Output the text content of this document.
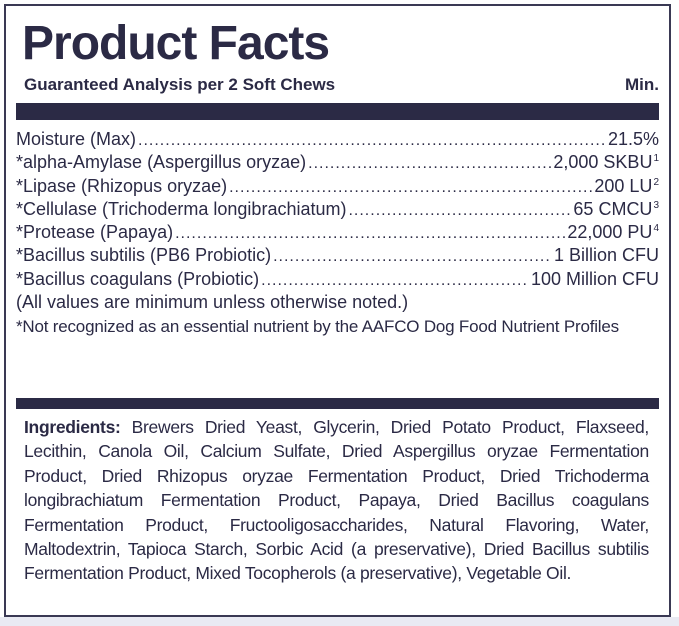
Product Facts
Guaranteed Analysis per 2 Soft Chews	Min.
Moisture (Max) .....	21.5%
*alpha-Amylase (Aspergillus oryzae) .....	2,000 SKBU$^1$
*Lipase (Rhizopus oryzae) .....	200 $LU^2$
*Cellulase (Trichoderma longibrachiatum) .....	65 CMCU$^3$
*Protease (Papaya) .....	22,000 $PU^4$
*Bacillus subtilis (PB6 Probiotic) .....	1 Billion CFU
*Bacillus coagulans (Probiotic) .....	100 Million CFU
(All values are minimum unless otherwise noted.)
*Not recognized as an essential nutrient by the AAFCO Dog Food Nutrient Profiles
Ingredients: Brewers Dried Yeast, Glycerin, Dried Potato Product, Flaxseed, Lecithin, Canola Oil, Calcium Sulfate, Dried Aspergillus oryzae Fermentation Product, Dried Rhizopus oryzae Fermentation Product, Dried Trichoderma longibrachiatum Fermentation Product, Papaya, Dried Bacillus coagulans Fermentation Product, Fructooligosaccharides, Natural Flavoring, Water, Maltodextrin, Tapioca Starch, Sorbic Acid (a preservative), Dried Bacillus subtilis Fermentation Product, Mixed Tocopherols (a preservative), Vegetable Oil.
